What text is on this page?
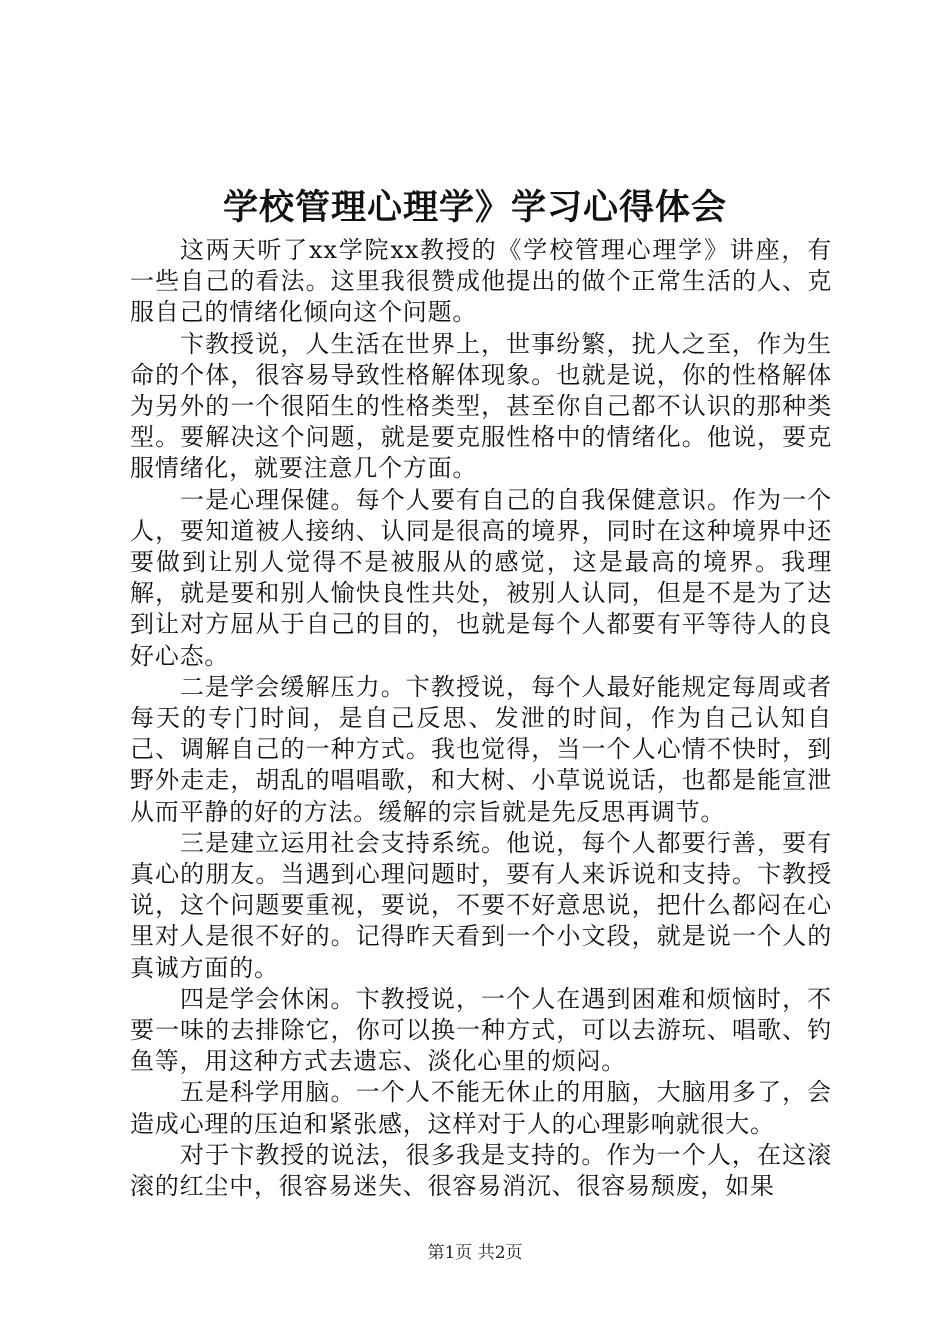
学校管理心理学》学习心得体会

这两天听了xx学院xx教授的《学校管理心理学》讲座，有一些自己的看法。这里我很赞成他提出的做个正常生活的人、克服自己的情绪化倾向这个问题。

卞教授说，人生活在世界上，世事纷繁，扰人之至，作为生命的个体，很容易导致性格解体现象。也就是说，你的性格解体为另外的一个很陌生的性格类型，甚至你自己都不认识的那种类型。要解决这个问题，就是要克服性格中的情绪化。他说，要克服情绪化，就要注意几个方面。

一是心理保健。每个人要有自己的自我保健意识。作为一个人，要知道被人接纳、认同是很高的境界，同时在这种境界中还要做到让别人觉得不是被服从的感觉，这是最高的境界。我理解，就是要和别人愉快良性共处，被别人认同，但是不是为了达到让对方屈从于自己的目的，也就是每个人都要有平等待人的良好心态。

二是学会缓解压力。卞教授说，每个人最好能规定每周或者每天的专门时间，是自己反思、发泄的时间，作为自己认知自己、调解自己的一种方式。我也觉得，当一个人心情不快时，到野外走走，胡乱的唱唱歌，和大树、小草说说话，也都是能宣泄从而平静的好的方法。缓解的宗旨就是先反思再调节。

三是建立运用社会支持系统。他说，每个人都要行善，要有真心的朋友。当遇到心理问题时，要有人来诉说和支持。卞教授说，这个问题要重视，要说，不要不好意思说，把什么都闷在心里对人是很不好的。记得昨天看到一个小文段，就是说一个人的真诚方面的。

四是学会休闲。卞教授说，一个人在遇到困难和烦恼时，不要一味的去排除它，你可以换一种方式，可以去游玩、唱歌、钓鱼等，用这种方式去遗忘、淡化心里的烦闷。

五是科学用脑。一个人不能无休止的用脑，大脑用多了，会造成心理的压迫和紧张感，这样对于人的心理影响就很大。

对于卞教授的说法，很多我是支持的。作为一个人，在这滚滚的红尘中，很容易迷失、很容易消沉、很容易颓废，如果

第1页 共2页
